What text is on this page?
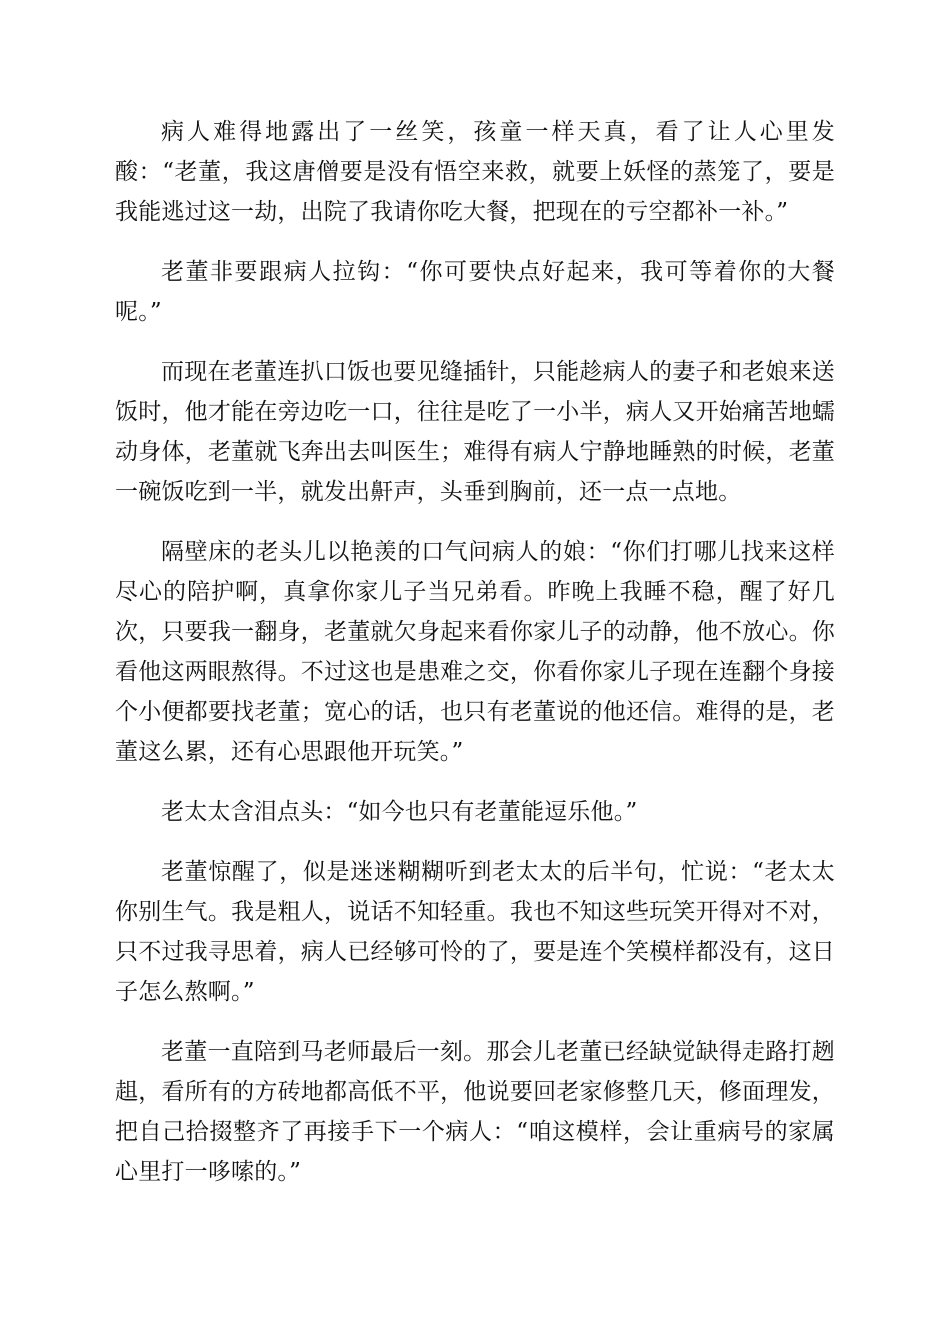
病人难得地露出了一丝笑，孩童一样天真，看了让人心里发酸：“老董，我这唐僧要是没有悟空来救，就要上妖怪的蒸笼了，要是我能逃过这一劫，出院了我请你吃大餐，把现在的亏空都补一补。”

老董非要跟病人拉钩：“你可要快点好起来，我可等着你的大餐呢。”

而现在老董连扒口饭也要见缝插针，只能趁病人的妻子和老娘来送饭时，他才能在旁边吃一口，往往是吃了一小半，病人又开始痛苦地蠕动身体，老董就飞奔出去叫医生；难得有病人宁静地睡熟的时候，老董一碗饭吃到一半，就发出鼾声，头垂到胸前，还一点一点地。

隔壁床的老头儿以艳羡的口气问病人的娘：“你们打哪儿找来这样尽心的陪护啊，真拿你家儿子当兄弟看。昨晚上我睡不稳，醒了好几次，只要我一翻身，老董就欠身起来看你家儿子的动静，他不放心。你看他这两眼熬得。不过这也是患难之交，你看你家儿子现在连翻个身接个小便都要找老董；宽心的话，也只有老董说的他还信。难得的是，老董这么累，还有心思跟他开玩笑。”

老太太含泪点头：“如今也只有老董能逗乐他。”

老董惊醒了，似是迷迷糊糊听到老太太的后半句，忙说：“老太太你别生气。我是粗人，说话不知轻重。我也不知这些玩笑开得对不对，只不过我寻思着，病人已经够可怜的了，要是连个笑模样都没有，这日子怎么熬啊。”

老董一直陪到马老师最后一刻。那会儿老董已经缺觉缺得走路打趔趄，看所有的方砖地都高低不平，他说要回老家修整几天，修面理发，把自己拾掇整齐了再接手下一个病人：“咱这模样，会让重病号的家属心里打一哆嗦的。”
